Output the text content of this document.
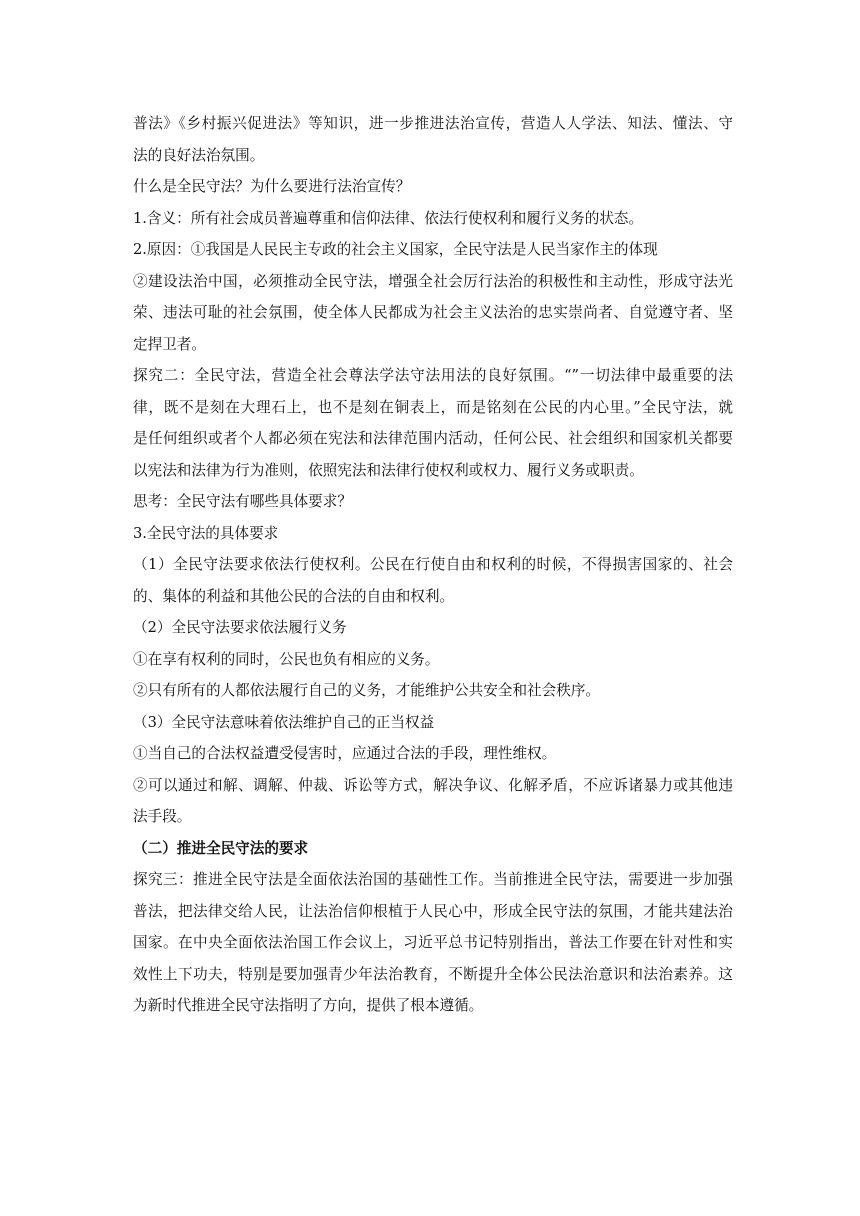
普法》《乡村振兴促进法》等知识，进一步推进法治宣传，营造人人学法、知法、懂法、守
法的良好法治氛围。
什么是全民守法？为什么要进行法治宣传？
1.含义：所有社会成员普遍尊重和信仰法律、依法行使权利和履行义务的状态。
2.原因：①我国是人民民主专政的社会主义国家，全民守法是人民当家作主的体现
②建设法治中国，必须推动全民守法，增强全社会厉行法治的积极性和主动性，形成守法光
荣、违法可耻的社会氛围，使全体人民都成为社会主义法治的忠实崇尚者、自觉遵守者、坚
定捍卫者。
探究二：全民守法，营造全社会尊法学法守法用法的良好氛围。“”一切法律中最重要的法
律，既不是刻在大理石上，也不是刻在铜表上，而是铭刻在公民的内心里。”全民守法，就
是任何组织或者个人都必须在宪法和法律范围内活动，任何公民、社会组织和国家机关都要
以宪法和法律为行为准则，依照宪法和法律行使权利或权力、履行义务或职责。
思考：全民守法有哪些具体要求？
3.全民守法的具体要求
（1）全民守法要求依法行使权利。公民在行使自由和权利的时候，不得损害国家的、社会
的、集体的利益和其他公民的合法的自由和权利。
（2）全民守法要求依法履行义务
①在享有权利的同时，公民也负有相应的义务。
②只有所有的人都依法履行自己的义务，才能维护公共安全和社会秩序。
（3）全民守法意味着依法维护自己的正当权益
①当自己的合法权益遭受侵害时，应通过合法的手段，理性维权。
②可以通过和解、调解、仲裁、诉讼等方式，解决争议、化解矛盾，不应诉诸暴力或其他违
法手段。
（二）推进全民守法的要求
探究三：推进全民守法是全面依法治国的基础性工作。当前推进全民守法，需要进一步加强
普法，把法律交给人民，让法治信仰根植于人民心中，形成全民守法的氛围，才能共建法治
国家。在中央全面依法治国工作会议上，习近平总书记特别指出，普法工作要在针对性和实
效性上下功夫，特别是要加强青少年法治教育，不断提升全体公民法治意识和法治素养。这
为新时代推进全民守法指明了方向，提供了根本遵循。
